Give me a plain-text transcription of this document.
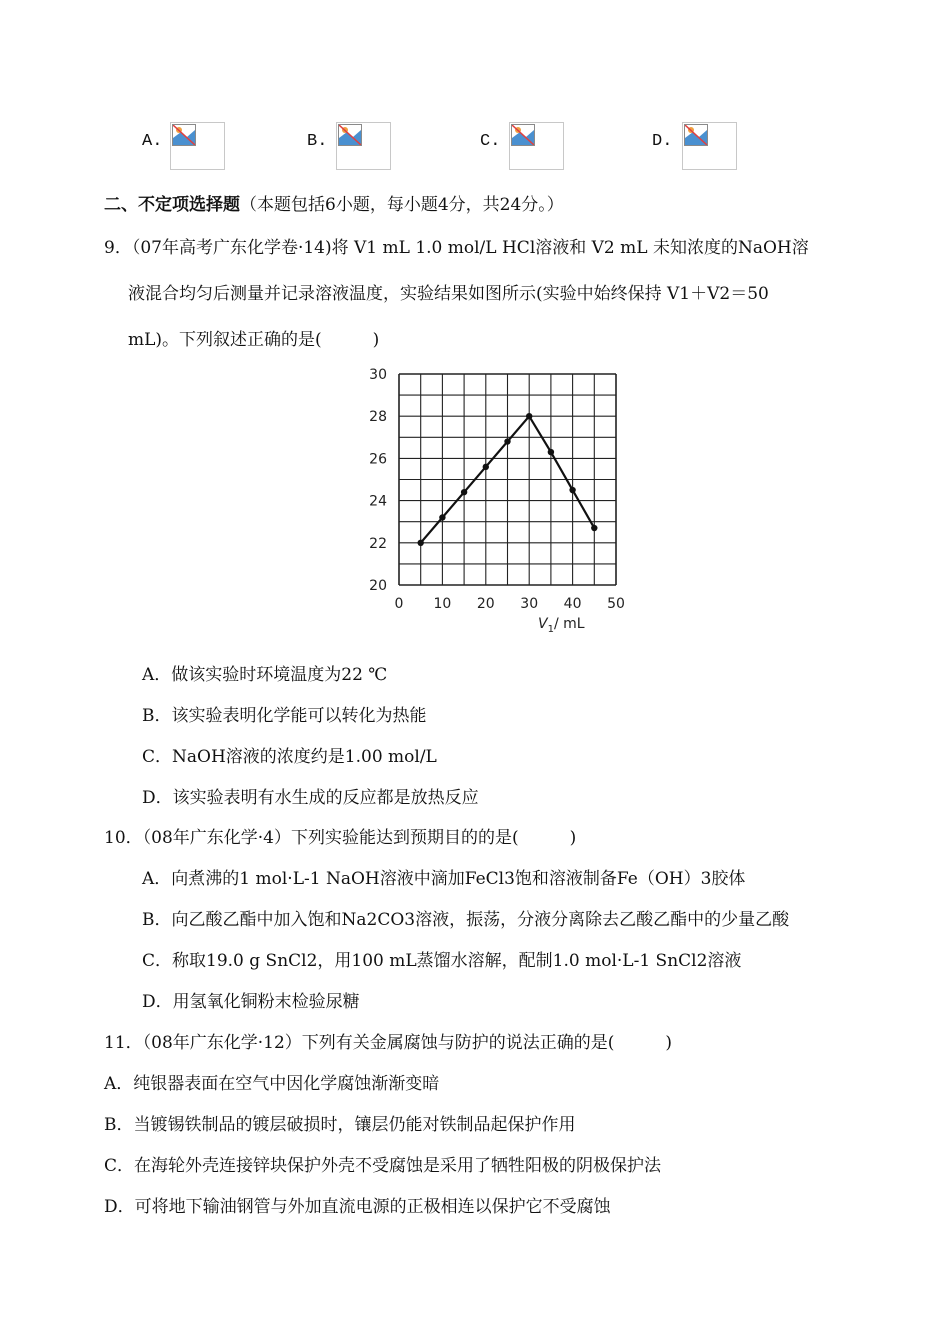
A.	B.	C.	D.
二、不定项选择题（本题包括6小题，每小题4分，共24分。）
9．（07年高考广东化学卷·14)将 V1 mL 1.0 mol/L HCl溶液和 V2 mL 未知浓度的NaOH溶
液混合均匀后测量并记录溶液温度，实验结果如图所示(实验中始终保持 V1＋V2＝50
mL)。下列叙述正确的是(　　　)
30
28
26
24
22
20
0 10 20 30 40 50
$V_1/$ mL
A．做该实验时环境温度为22 ℃
B．该实验表明化学能可以转化为热能
C．NaOH溶液的浓度约是1.00 mol/L
D．该实验表明有水生成的反应都是放热反应
10．（08年广东化学·4）下列实验能达到预期目的的是(　　　)
A．向煮沸的1 mol·L-1 NaOH溶液中滴加FeCl3饱和溶液制备Fe（OH）3胶体
B．向乙酸乙酯中加入饱和Na2CO3溶液，振荡，分液分离除去乙酸乙酯中的少量乙酸
C．称取19.0 g SnCl2，用100 mL蒸馏水溶解，配制1.0 mol·L-1 SnCl2溶液
D．用氢氧化铜粉末检验尿糖
11．（08年广东化学·12）下列有关金属腐蚀与防护的说法正确的是(　　　)
A．纯银器表面在空气中因化学腐蚀渐渐变暗
B．当镀锡铁制品的镀层破损时，镶层仍能对铁制品起保护作用
C．在海轮外壳连接锌块保护外壳不受腐蚀是采用了牺牲阳极的阴极保护法
D．可将地下输油钢管与外加直流电源的正极相连以保护它不受腐蚀
